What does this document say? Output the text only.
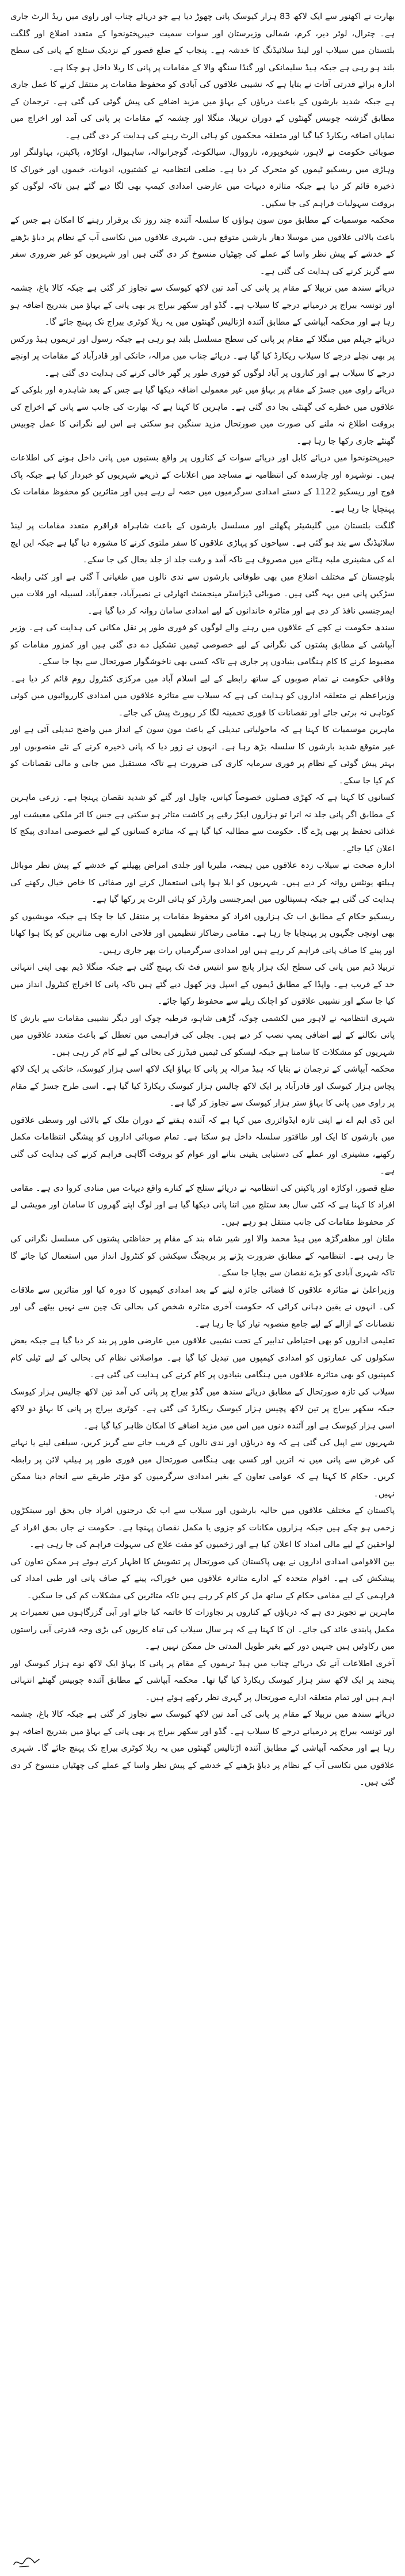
بھارت نے اکھنور سے ایک لاکھ 83 ہزار کیوسک پانی چھوڑ دیا ہے جو دریائے چناب اور راوی میں ریڈ الرٹ جاری ہے۔ چترال، لوئر دیر، کرم، شمالی وزیرستان اور سوات سمیت خیبرپختونخوا کے متعدد اضلاع اور گلگت بلتستان میں سیلاب اور لینڈ سلائیڈنگ کا خدشہ ہے۔ پنجاب کے ضلع قصور کے نزدیک ستلج کے پانی کی سطح بلند ہو رہی ہے جبکہ ہیڈ سلیمانکی اور گنڈا سنگھ والا کے مقامات پر پانی کا ریلا داخل ہو چکا ہے۔

ادارہ برائے قدرتی آفات نے بتایا ہے کہ نشیبی علاقوں کی آبادی کو محفوظ مقامات پر منتقل کرنے کا عمل جاری ہے جبکہ شدید بارشوں کے باعث دریاؤں کے بہاؤ میں مزید اضافے کی پیش گوئی کی گئی ہے۔ ترجمان کے مطابق گزشتہ چوبیس گھنٹوں کے دوران تربیلا، منگلا اور چشمہ کے مقامات پر پانی کی آمد اور اخراج میں نمایاں اضافہ ریکارڈ کیا گیا اور متعلقہ محکموں کو ہائی الرٹ رہنے کی ہدایت کر دی گئی ہے۔

صوبائی حکومت نے لاہور، شیخوپورہ، نارووال، سیالکوٹ، گوجرانوالہ، ساہیوال، اوکاڑہ، پاکپتن، بہاولنگر اور وہاڑی میں ریسکیو ٹیموں کو متحرک کر دیا ہے۔ ضلعی انتظامیہ نے کشتیوں، ادویات، خیموں اور خوراک کا ذخیرہ قائم کر دیا ہے جبکہ متاثرہ دیہات میں عارضی امدادی کیمپ بھی لگا دیے گئے ہیں تاکہ لوگوں کو بروقت سہولیات فراہم کی جا سکیں۔

محکمہ موسمیات کے مطابق مون سون ہواؤں کا سلسلہ آئندہ چند روز تک برقرار رہنے کا امکان ہے جس کے باعث بالائی علاقوں میں موسلا دھار بارشیں متوقع ہیں۔ شہری علاقوں میں نکاسی آب کے نظام پر دباؤ بڑھنے کے خدشے کے پیش نظر واسا کے عملے کی چھٹیاں منسوخ کر دی گئی ہیں اور شہریوں کو غیر ضروری سفر سے گریز کرنے کی ہدایت کی گئی ہے۔

دریائے سندھ میں تربیلا کے مقام پر پانی کی آمد تین لاکھ کیوسک سے تجاوز کر گئی ہے جبکہ کالا باغ، چشمہ اور تونسہ بیراج پر درمیانے درجے کا سیلاب ہے۔ گڈو اور سکھر بیراج پر بھی پانی کے بہاؤ میں بتدریج اضافہ ہو رہا ہے اور محکمہ آبپاشی کے مطابق آئندہ اڑتالیس گھنٹوں میں یہ ریلا کوٹری بیراج تک پہنچ جائے گا۔

دریائے جہلم میں منگلا کے مقام پر پانی کی سطح مسلسل بلند ہو رہی ہے جبکہ رسول اور تریموں ہیڈ ورکس پر بھی نچلے درجے کا سیلاب ریکارڈ کیا گیا ہے۔ دریائے چناب میں مرالہ، خانکی اور قادرآباد کے مقامات پر اونچے درجے کا سیلاب ہے اور کناروں پر آباد لوگوں کو فوری طور پر گھر خالی کرنے کی ہدایت دی گئی ہے۔

دریائے راوی میں جسڑ کے مقام پر بہاؤ میں غیر معمولی اضافہ دیکھا گیا ہے جس کے بعد شاہدرہ اور بلوکی کے علاقوں میں خطرے کی گھنٹی بجا دی گئی ہے۔ ماہرین کا کہنا ہے کہ بھارت کی جانب سے پانی کے اخراج کی بروقت اطلاع نہ ملنے کی صورت میں صورتحال مزید سنگین ہو سکتی ہے اس لیے نگرانی کا عمل چوبیس گھنٹے جاری رکھا جا رہا ہے۔

خیبرپختونخوا میں دریائے کابل اور دریائے سوات کے کناروں پر واقع بستیوں میں پانی داخل ہونے کی اطلاعات ہیں۔ نوشہرہ اور چارسدہ کی انتظامیہ نے مساجد میں اعلانات کے ذریعے شہریوں کو خبردار کیا ہے جبکہ پاک فوج اور ریسکیو 1122 کے دستے امدادی سرگرمیوں میں حصہ لے رہے ہیں اور متاثرین کو محفوظ مقامات تک پہنچایا جا رہا ہے۔

گلگت بلتستان میں گلیشیئر پگھلنے اور مسلسل بارشوں کے باعث شاہراہ قراقرم متعدد مقامات پر لینڈ سلائیڈنگ سے بند ہو گئی ہے۔ سیاحوں کو پہاڑی علاقوں کا سفر ملتوی کرنے کا مشورہ دیا گیا ہے جبکہ این ایچ اے کی مشینری ملبہ ہٹانے میں مصروف ہے تاکہ آمد و رفت جلد از جلد بحال کی جا سکے۔

بلوچستان کے مختلف اضلاع میں بھی طوفانی بارشوں سے ندی نالوں میں طغیانی آ گئی ہے اور کئی رابطہ سڑکیں پانی میں بہہ گئی ہیں۔ صوبائی ڈیزاسٹر مینجمنٹ اتھارٹی نے نصیرآباد، جعفرآباد، لسبیلہ اور قلات میں ایمرجنسی نافذ کر دی ہے اور متاثرہ خاندانوں کے لیے امدادی سامان روانہ کر دیا گیا ہے۔

سندھ حکومت نے کچے کے علاقوں میں رہنے والے لوگوں کو فوری طور پر نقل مکانی کی ہدایت کی ہے۔ وزیر آبپاشی کے مطابق پشتوں کی نگرانی کے لیے خصوصی ٹیمیں تشکیل دے دی گئی ہیں اور کمزور مقامات کو مضبوط کرنے کا کام ہنگامی بنیادوں پر جاری ہے تاکہ کسی بھی ناخوشگوار صورتحال سے بچا جا سکے۔

وفاقی حکومت نے تمام صوبوں کے ساتھ رابطے کے لیے اسلام آباد میں مرکزی کنٹرول روم قائم کر دیا ہے۔ وزیراعظم نے متعلقہ اداروں کو ہدایت کی ہے کہ سیلاب سے متاثرہ علاقوں میں امدادی کارروائیوں میں کوئی کوتاہی نہ برتی جائے اور نقصانات کا فوری تخمینہ لگا کر رپورٹ پیش کی جائے۔

ماہرین موسمیات کا کہنا ہے کہ ماحولیاتی تبدیلی کے باعث مون سون کے انداز میں واضح تبدیلی آئی ہے اور غیر متوقع شدید بارشوں کا سلسلہ بڑھ رہا ہے۔ انہوں نے زور دیا کہ پانی ذخیرہ کرنے کے نئے منصوبوں اور بہتر پیش گوئی کے نظام پر فوری سرمایہ کاری کی ضرورت ہے تاکہ مستقبل میں جانی و مالی نقصانات کو کم کیا جا سکے۔

کسانوں کا کہنا ہے کہ کھڑی فصلوں خصوصاً کپاس، چاول اور گنے کو شدید نقصان پہنچا ہے۔ زرعی ماہرین کے مطابق اگر پانی جلد نہ اترا تو ہزاروں ایکڑ رقبے پر کاشت متاثر ہو سکتی ہے جس کا اثر ملکی معیشت اور غذائی تحفظ پر بھی پڑے گا۔ حکومت سے مطالبہ کیا گیا ہے کہ متاثرہ کسانوں کے لیے خصوصی امدادی پیکج کا اعلان کیا جائے۔

ادارہ صحت نے سیلاب زدہ علاقوں میں ہیضہ، ملیریا اور جلدی امراض پھیلنے کے خدشے کے پیش نظر موبائل ہیلتھ یونٹس روانہ کر دیے ہیں۔ شہریوں کو ابلا ہوا پانی استعمال کرنے اور صفائی کا خاص خیال رکھنے کی ہدایت کی گئی ہے جبکہ ہسپتالوں میں ایمرجنسی وارڈز کو ہائی الرٹ پر رکھا گیا ہے۔

ریسکیو حکام کے مطابق اب تک ہزاروں افراد کو محفوظ مقامات پر منتقل کیا جا چکا ہے جبکہ مویشیوں کو بھی اونچی جگہوں پر پہنچایا جا رہا ہے۔ مقامی رضاکار تنظیمیں اور فلاحی ادارے بھی متاثرین کو پکا ہوا کھانا اور پینے کا صاف پانی فراہم کر رہے ہیں اور امدادی سرگرمیاں رات بھر جاری رہیں۔

تربیلا ڈیم میں پانی کی سطح ایک ہزار پانچ سو انتیس فٹ تک پہنچ گئی ہے جبکہ منگلا ڈیم بھی اپنی انتہائی حد کے قریب ہے۔ واپڈا کے مطابق ڈیموں کے اسپل ویز کھول دیے گئے ہیں تاکہ پانی کا اخراج کنٹرول انداز میں کیا جا سکے اور نشیبی علاقوں کو اچانک ریلے سے محفوظ رکھا جائے۔

شہری انتظامیہ نے لاہور میں لکشمی چوک، گڑھی شاہو، قرطبہ چوک اور دیگر نشیبی مقامات سے بارش کا پانی نکالنے کے لیے اضافی پمپ نصب کر دیے ہیں۔ بجلی کی فراہمی میں تعطل کے باعث متعدد علاقوں میں شہریوں کو مشکلات کا سامنا ہے جبکہ لیسکو کی ٹیمیں فیڈرز کی بحالی کے لیے کام کر رہی ہیں۔

محکمہ آبپاشی کے ترجمان نے بتایا کہ ہیڈ مرالہ پر پانی کا بہاؤ ایک لاکھ اسی ہزار کیوسک، خانکی پر ایک لاکھ پچاس ہزار کیوسک اور قادرآباد پر ایک لاکھ چالیس ہزار کیوسک ریکارڈ کیا گیا ہے۔ اسی طرح جسڑ کے مقام پر راوی میں پانی کا بہاؤ ستر ہزار کیوسک سے تجاوز کر گیا ہے۔

این ڈی ایم اے نے اپنی تازہ ایڈوائزری میں کہا ہے کہ آئندہ ہفتے کے دوران ملک کے بالائی اور وسطی علاقوں میں بارشوں کا ایک اور طاقتور سلسلہ داخل ہو سکتا ہے۔ تمام صوبائی اداروں کو پیشگی انتظامات مکمل رکھنے، مشینری اور عملے کی دستیابی یقینی بنانے اور عوام کو بروقت آگاہی فراہم کرنے کی ہدایت کی گئی ہے۔

ضلع قصور، اوکاڑہ اور پاکپتن کی انتظامیہ نے دریائے ستلج کے کنارے واقع دیہات میں منادی کروا دی ہے۔ مقامی افراد کا کہنا ہے کہ کئی سال بعد ستلج میں اتنا پانی دیکھا گیا ہے اور لوگ اپنے گھروں کا سامان اور مویشی لے کر محفوظ مقامات کی جانب منتقل ہو رہے ہیں۔

ملتان اور مظفرگڑھ میں ہیڈ محمد والا اور شیر شاہ بند کے مقام پر حفاظتی پشتوں کی مسلسل نگرانی کی جا رہی ہے۔ انتظامیہ کے مطابق ضرورت پڑنے پر بریچنگ سیکشن کو کنٹرول انداز میں استعمال کیا جائے گا تاکہ شہری آبادی کو بڑے نقصان سے بچایا جا سکے۔

وزیراعلیٰ نے متاثرہ علاقوں کا فضائی جائزہ لینے کے بعد امدادی کیمپوں کا دورہ کیا اور متاثرین سے ملاقات کی۔ انہوں نے یقین دہانی کرائی کہ حکومت آخری متاثرہ شخص کی بحالی تک چین سے نہیں بیٹھے گی اور نقصانات کے ازالے کے لیے جامع منصوبہ تیار کیا جا رہا ہے۔

تعلیمی اداروں کو بھی احتیاطی تدابیر کے تحت نشیبی علاقوں میں عارضی طور پر بند کر دیا گیا ہے جبکہ بعض سکولوں کی عمارتوں کو امدادی کیمپوں میں تبدیل کیا گیا ہے۔ مواصلاتی نظام کی بحالی کے لیے ٹیلی کام کمپنیوں کو بھی متاثرہ علاقوں میں ہنگامی بنیادوں پر کام کرنے کی ہدایت کی گئی ہے۔

سیلاب کی تازہ صورتحال کے مطابق دریائے سندھ میں گڈو بیراج پر پانی کی آمد تین لاکھ چالیس ہزار کیوسک جبکہ سکھر بیراج پر تین لاکھ پچیس ہزار کیوسک ریکارڈ کی گئی ہے۔ کوٹری بیراج پر پانی کا بہاؤ دو لاکھ اسی ہزار کیوسک ہے اور آئندہ دنوں میں اس میں مزید اضافے کا امکان ظاہر کیا گیا ہے۔

شہریوں سے اپیل کی گئی ہے کہ وہ دریاؤں اور ندی نالوں کے قریب جانے سے گریز کریں، سیلفی لینے یا نہانے کی غرض سے پانی میں نہ اتریں اور کسی بھی ہنگامی صورتحال میں فوری طور پر ہیلپ لائن پر رابطہ کریں۔ حکام کا کہنا ہے کہ عوامی تعاون کے بغیر امدادی سرگرمیوں کو مؤثر طریقے سے انجام دینا ممکن نہیں۔

پاکستان کے مختلف علاقوں میں حالیہ بارشوں اور سیلاب سے اب تک درجنوں افراد جاں بحق اور سینکڑوں زخمی ہو چکے ہیں جبکہ ہزاروں مکانات کو جزوی یا مکمل نقصان پہنچا ہے۔ حکومت نے جاں بحق افراد کے لواحقین کے لیے مالی امداد کا اعلان کیا ہے اور زخمیوں کو مفت علاج کی سہولت فراہم کی جا رہی ہے۔

بین الاقوامی امدادی اداروں نے بھی پاکستان کی صورتحال پر تشویش کا اظہار کرتے ہوئے ہر ممکن تعاون کی پیشکش کی ہے۔ اقوام متحدہ کے ادارے متاثرہ علاقوں میں خوراک، پینے کے صاف پانی اور طبی امداد کی فراہمی کے لیے مقامی حکام کے ساتھ مل کر کام کر رہے ہیں تاکہ متاثرین کی مشکلات کم کی جا سکیں۔

ماہرین نے تجویز دی ہے کہ دریاؤں کے کناروں پر تجاوزات کا خاتمہ کیا جائے اور آبی گزرگاہوں میں تعمیرات پر مکمل پابندی عائد کی جائے۔ ان کا کہنا ہے کہ ہر سال سیلاب کی تباہ کاریوں کی بڑی وجہ قدرتی آبی راستوں میں رکاوٹیں ہیں جنہیں دور کیے بغیر طویل المدتی حل ممکن نہیں ہے۔

آخری اطلاعات آنے تک دریائے چناب میں ہیڈ تریموں کے مقام پر پانی کا بہاؤ ایک لاکھ نوے ہزار کیوسک اور پنجند پر ایک لاکھ ستر ہزار کیوسک ریکارڈ کیا گیا تھا۔ محکمہ آبپاشی کے مطابق آئندہ چوبیس گھنٹے انتہائی اہم ہیں اور تمام متعلقہ ادارے صورتحال پر گہری نظر رکھے ہوئے ہیں۔

دریائے سندھ میں تربیلا کے مقام پر پانی کی آمد تین لاکھ کیوسک سے تجاوز کر گئی ہے جبکہ کالا باغ، چشمہ اور تونسہ بیراج پر درمیانے درجے کا سیلاب ہے۔ گڈو اور سکھر بیراج پر بھی پانی کے بہاؤ میں بتدریج اضافہ ہو رہا ہے اور محکمہ آبپاشی کے مطابق آئندہ اڑتالیس گھنٹوں میں یہ ریلا کوٹری بیراج تک پہنچ جائے گا۔ شہری علاقوں میں نکاسی آب کے نظام پر دباؤ بڑھنے کے خدشے کے پیش نظر واسا کے عملے کی چھٹیاں منسوخ کر دی گئی ہیں۔
